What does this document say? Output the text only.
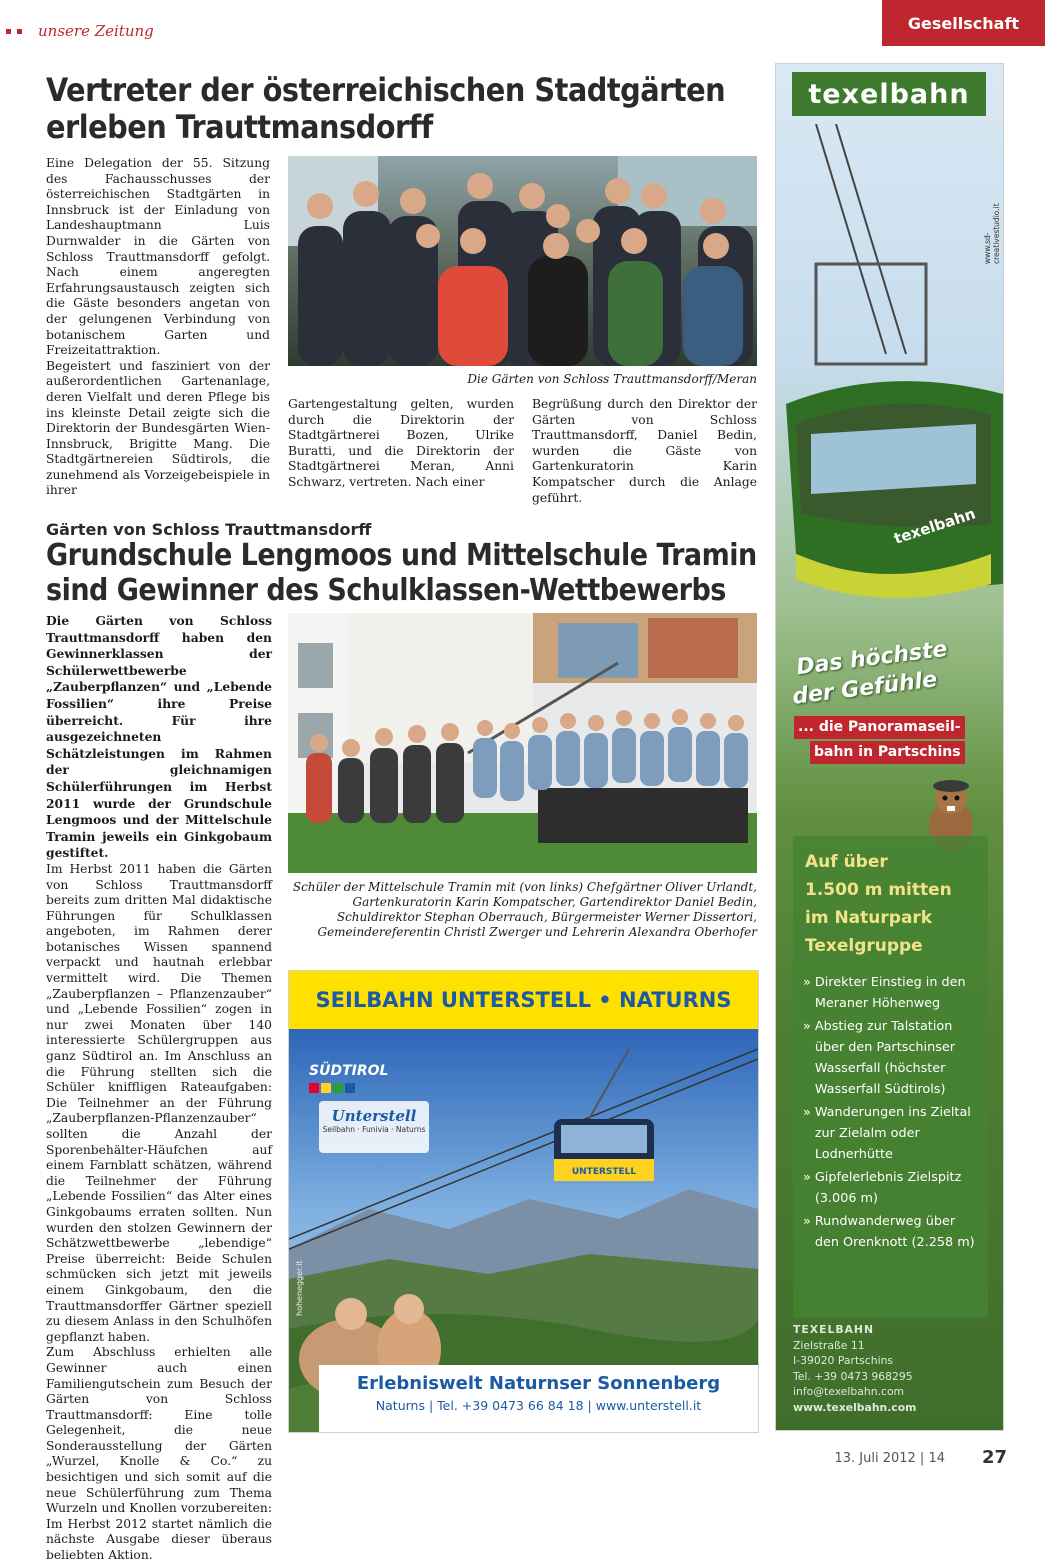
unsere Zeitung	Gesellschaft
Vertreter der österreichischen Stadtgärten erleben Trauttmansdorff

Eine Delegation der 55. Sitzung des Fachausschusses der österreichischen Stadtgärten in Innsbruck ist der Einladung von Landeshauptmann Luis Durnwalder in die Gärten von Schloss Trauttmansdorff gefolgt. Nach einem angeregten Erfahrungsaustausch zeigten sich die Gäste besonders angetan von der gelungenen Verbindung von botanischem Garten und Freizeitattraktion.

Begeistert und fasziniert von der außerordentlichen Gartenanlage, deren Vielfalt und deren Pflege bis ins kleinste Detail zeigte sich die Direktorin der Bundesgärten Wien-Innsbruck, Brigitte Mang. Die Stadtgärtnereien Südtirols, die zunehmend als Vorzeigebeispiele in ihrer

Die Gärten von Schloss Trauttmansdorff/Meran

Gartengestaltung gelten, wurden durch die Direktorin der Stadtgärtnerei Bozen, Ulrike Buratti, und die Direktorin der Stadtgärtnerei Meran, Anni Schwarz, vertreten. Nach einer

Begrüßung durch den Direktor der Gärten von Schloss Trauttmansdorff, Daniel Bedin, wurden die Gäste von Gartenkuratorin Karin Kompatscher durch die Anlage geführt.

Gärten von Schloss Trauttmansdorff
Grundschule Lengmoos und Mittelschule Tramin sind Gewinner des Schulklassen-Wettbewerbs

Die Gärten von Schloss Trauttmansdorff haben den Gewinnerklassen der Schülerwettbewerbe „Zauberpflanzen“ und „Lebende Fossilien“ ihre Preise überreicht. Für ihre ausgezeichneten Schätzleistungen im Rahmen der gleichnamigen Schülerführungen im Herbst 2011 wurde der Grundschule Lengmoos und der Mittelschule Tramin jeweils ein Ginkgobaum gestiftet.

Im Herbst 2011 haben die Gärten von Schloss Trauttmansdorff bereits zum dritten Mal didaktische Führungen für Schulklassen angeboten, im Rahmen derer botanisches Wissen spannend verpackt und hautnah erlebbar vermittelt wird. Die Themen „Zauberpflanzen – Pflanzenzauber“ und „Lebende Fossilien“ zogen in nur zwei Monaten über 140 interessierte Schülergruppen aus ganz Südtirol an. Im Anschluss an die Führung stellten sich die Schüler kniffligen Rateaufgaben: Die Teilnehmer an der Führung „Zauberpflanzen-Pflanzenzauber“ sollten die Anzahl der Sporenbehälter-Häufchen auf einem Farnblatt schätzen, während die Teilnehmer der Führung „Lebende Fossilien“ das Alter eines Ginkgobaums erraten sollten. Nun wurden den stolzen Gewinnern der Schätzwettbewerbe „lebendige“ Preise überreicht: Beide Schulen schmücken sich jetzt mit jeweils einem Ginkgobaum, den die Trauttmansdorffer Gärtner speziell zu diesem Anlass in den Schulhöfen gepflanzt haben.

Zum Abschluss erhielten alle Gewinner auch einen Familiengutschein zum Besuch der Gärten von Schloss Trauttmansdorff: Eine tolle Gelegenheit, die neue Sonderausstellung der Gärten „Wurzel, Knolle & Co.“ zu besichtigen und sich somit auf die neue Schülerführung zum Thema Wurzeln und Knollen vorzubereiten: Im Herbst 2012 startet nämlich die nächste Ausgabe dieser überaus beliebten Aktion.

Schüler der Mittelschule Tramin mit (von links) Chefgärtner Oliver Urlandt, Gartenkuratorin Karin Kompatscher, Gartendirektor Daniel Bedin, Schuldirektor Stephan Oberrauch, Bürgermeister Werner Dissertori, Gemeindereferentin Christl Zwerger und Lehrerin Alexandra Oberhofer
SEILBAHN UNTERSTELL • NATURNS
UNTERSTELL
SÜDTIROL
Unterstell
Seilbahn · Funivia · Naturns
hohenegger.it
Erlebniswelt Naturnser Sonnenberg
Naturns | Tel. +39 0473 66 84 18 | www.unterstell.it
texelbahn
texelbahn
www.sd-creativestudio.it
Das höchste
der Gefühle
... die Panoramaseil-
bahn in Partschins
Auf über
1.500 m mitten
im Naturpark
Texelgruppe
» Direkter Einstieg in den Meraner Höhenweg
» Abstieg zur Talstation über den Partschinser Wasserfall (höchster Wasserfall Südtirols)
» Wanderungen ins Zieltal zur Zielalm oder Lodnerhütte
» Gipfelerlebnis Zielspitz (3.006 m)
» Rundwanderweg über den Orenknott (2.258 m)
TEXELBAHN
Zielstraße 11
I-39020 Partschins
Tel. +39 0473 968295
info@texelbahn.com
www.texelbahn.com
13. Juli 2012 | 14 27
